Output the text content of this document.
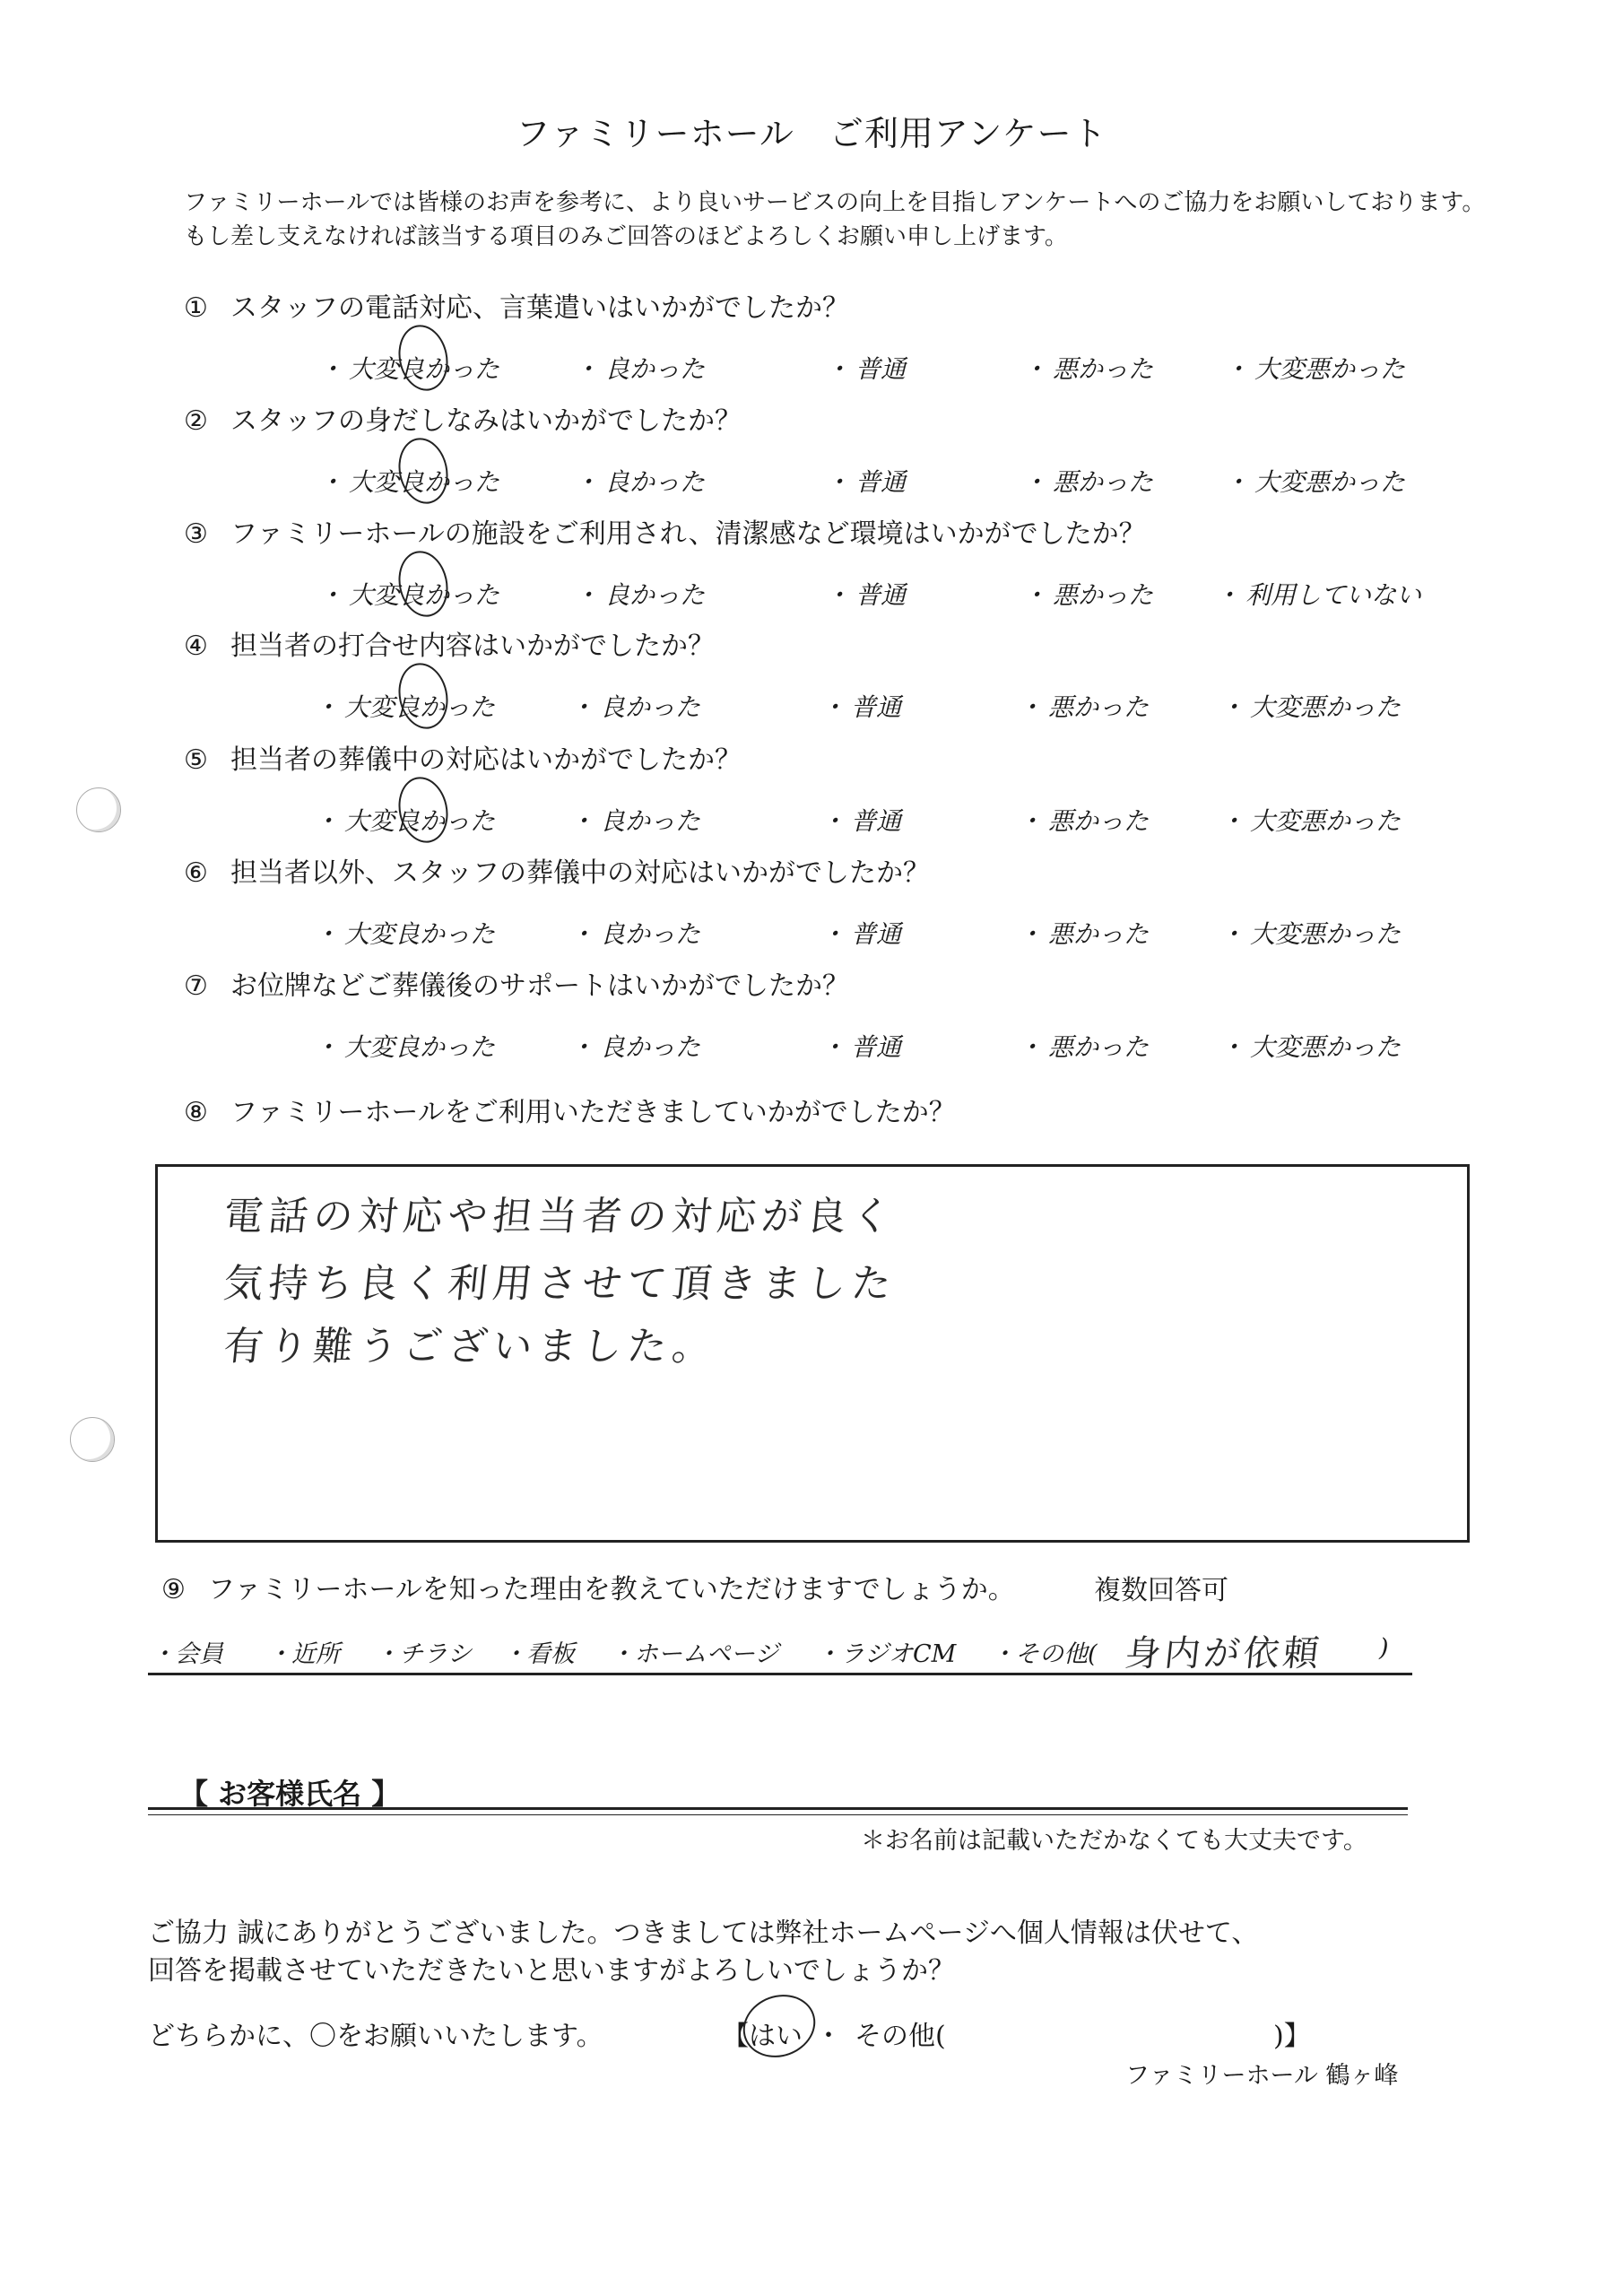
ファミリーホール　ご利用アンケート
ファミリーホールでは皆様のお声を参考に、より良いサービスの向上を目指しアンケートへのご協力をお願いしております。
もし差し支えなければ該当する項目のみご回答のほどよろしくお願い申し上げます。
① スタッフの電話対応、言葉遣いはいかがでしたか？
・ 大変良かった	・ 良かった	・ 普通	・ 悪かった	・ 大変悪かった
② スタッフの身だしなみはいかがでしたか？
・ 大変良かった	・ 良かった	・ 普通	・ 悪かった	・ 大変悪かった
③ ファミリーホールの施設をご利用され、清潔感など環境はいかがでしたか？
・ 大変良かった	・ 良かった	・ 普通	・ 悪かった ・ 利用していない
④ 担当者の打合せ内容はいかがでしたか？
・ 大変良かった	・ 良かった	・ 普通	・ 悪かった	・ 大変悪かった
⑤ 担当者の葬儀中の対応はいかがでしたか？
・ 大変良かった	・ 良かった	・ 普通	・ 悪かった	・ 大変悪かった
⑥ 担当者以外、スタッフの葬儀中の対応はいかがでしたか？
・ 大変良かった	・ 良かった	・ 普通	・ 悪かった	・ 大変悪かった
⑦ お位牌などご葬儀後のサポートはいかがでしたか？
・ 大変良かった	・ 良かった	・ 普通	・ 悪かった	・ 大変悪かった
⑧ ファミリーホールをご利用いただきましていかがでしたか？
電話の対応や担当者の対応が良く
気持ち良く利用させて頂きました
有り難うございました。
⑨ ファミリーホールを知った理由を教えていただけますでしょうか。	複数回答可
・会員 ・近所 ・チラシ ・看板 ・ホームページ ・ラジオCM ・その他( 身内が依頼 )
【 お客様氏名 】
＊お名前は記載いただかなくても大丈夫です。
ご協力 誠にありがとうございました。つきましては弊社ホームページへ個人情報は伏せて、
回答を掲載させていただきたいと思いますがよろしいでしょうか？
どちらかに、〇をお願いいたします。	【はい ・ その他(	)】
ファミリーホール 鶴ヶ峰
